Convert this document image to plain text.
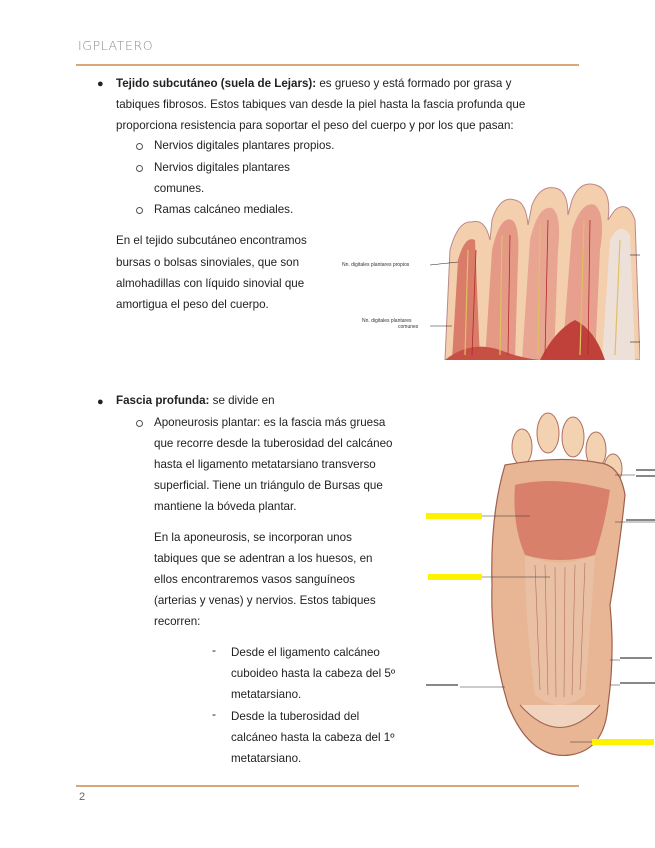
IGPLATERO
● Tejido subcutáneo (suela de Lejars): es grueso y está formado por grasa y
tabiques fibrosos. Estos tabiques van desde la piel hasta la fascia profunda que
proporciona resistencia para soportar el peso del cuerpo y por los que pasan:
Nervios digitales plantares propios.
Nervios digitales plantares
comunes.
Ramas calcáneo mediales.
En el tejido subcutáneo encontramos
bursas o bolsas sinoviales, que son
almohadillas con líquido sinovial que
amortigua el peso del cuerpo.
Nn. digitales plantares propios
Nn. digitales plantares
comunes
● Fascia profunda: se divide en
Aponeurosis plantar: es la fascia más gruesa
que recorre desde la tuberosidad del calcáneo
hasta el ligamento metatarsiano transverso
superficial. Tiene un triángulo de Bursas que
mantiene la bóveda plantar.
En la aponeurosis, se incorporan unos
tabiques que se adentran a los huesos, en
ellos encontraremos vasos sanguíneos
(arterias y venas) y nervios. Estos tabiques
recorren:
- Desde el ligamento calcáneo
cuboideo hasta la cabeza del 5º
metatarsiano.
- Desde la tuberosidad del
calcáneo hasta la cabeza del 1º
metatarsiano.
2
